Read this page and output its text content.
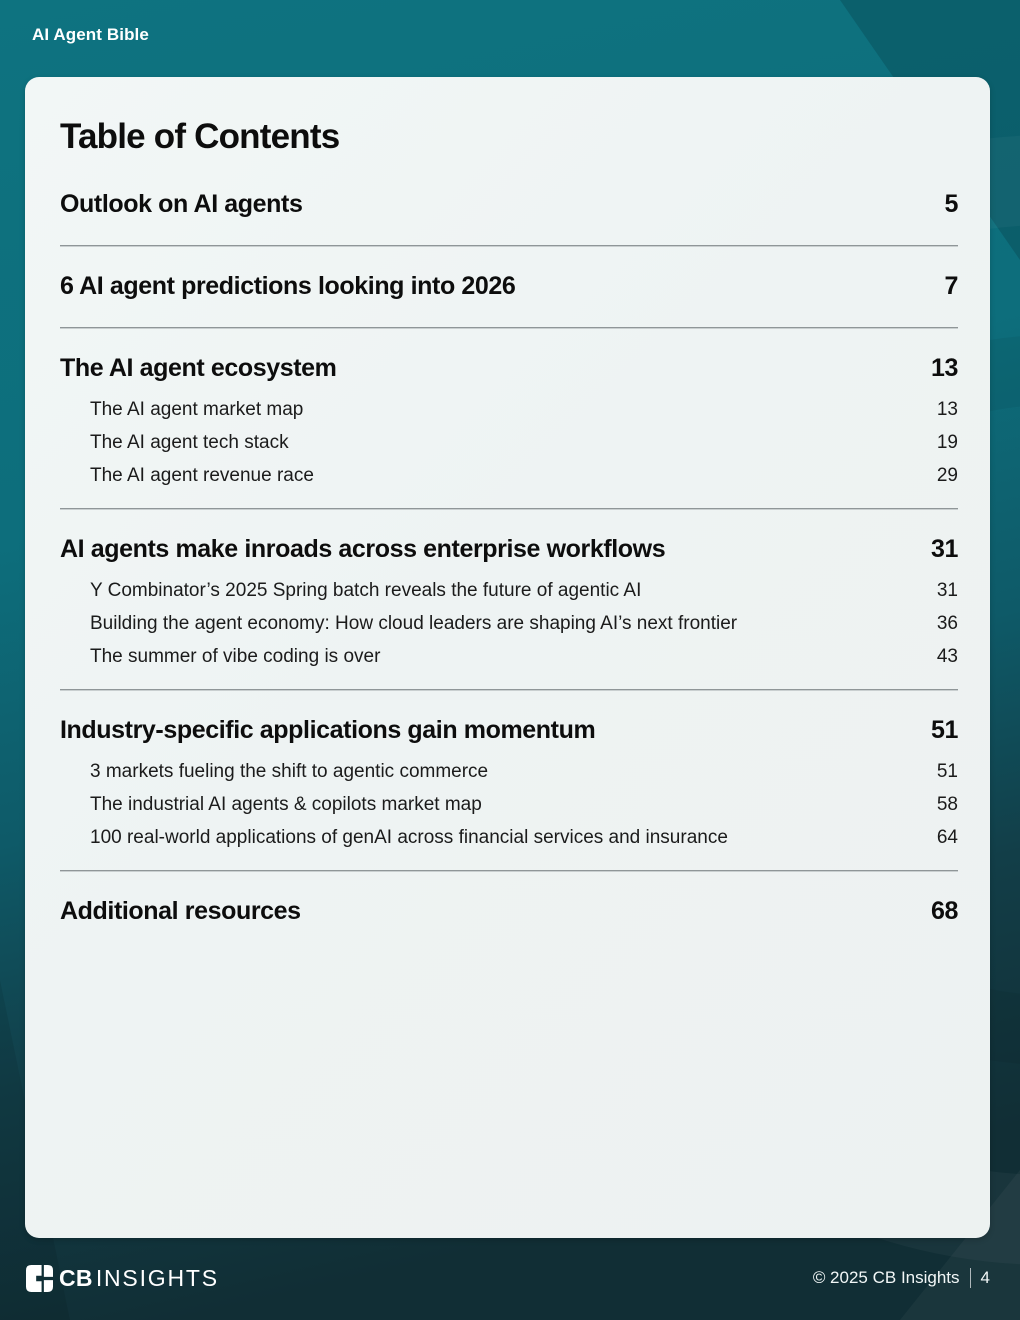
AI Agent Bible
Table of Contents
Outlook on AI agents	5
6 AI agent predictions looking into 2026	7
The AI agent ecosystem	13
The AI agent market map	13
The AI agent tech stack	19
The AI agent revenue race	29
AI agents make inroads across enterprise workflows	31
Y Combinator’s 2025 Spring batch reveals the future of agentic AI	31
Building the agent economy: How cloud leaders are shaping AI’s next frontier	36
The summer of vibe coding is over	43
Industry-specific applications gain momentum	51
3 markets fueling the shift to agentic commerce	51
The industrial AI agents & copilots market map	58
100 real-world applications of genAI across financial services and insurance	64
Additional resources	68
CB INSIGHTS	© 2025 CB Insights 4
